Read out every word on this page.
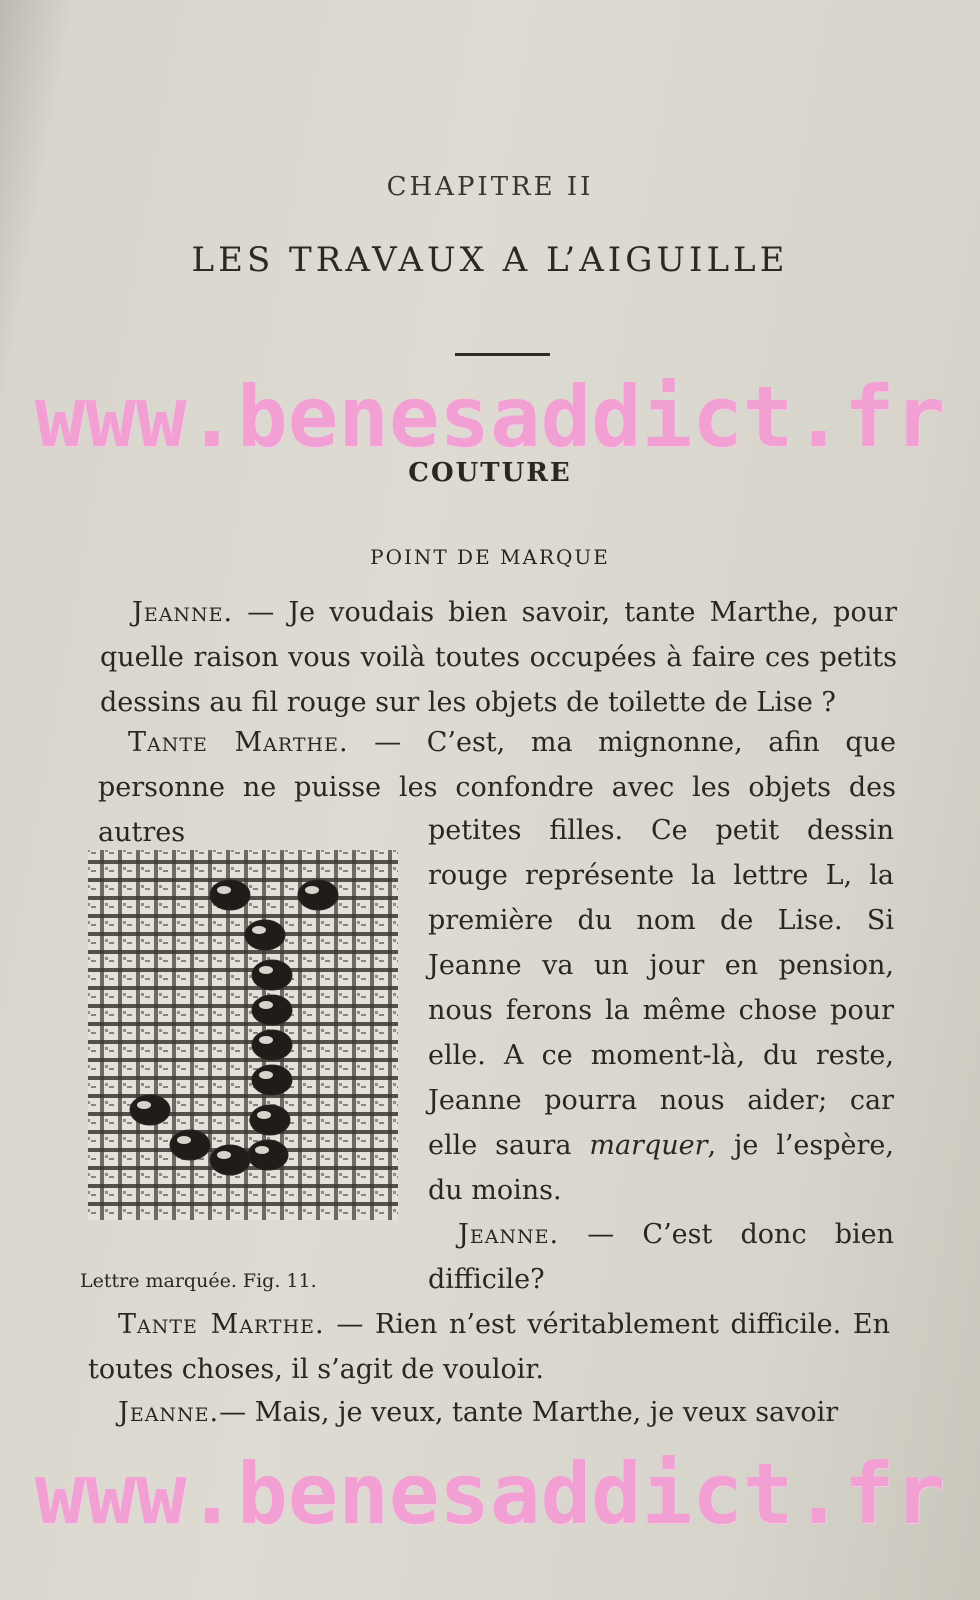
CHAPITRE II
LES TRAVAUX A L’AIGUILLE
COUTURE
POINT DE MARQUE

Jeanne. — Je voudais bien savoir, tante Marthe, pour quelle raison vous voilà toutes occupées à faire ces petits dessins au fil rouge sur les objets de toilette de Lise ?

Tante Marthe. — C’est, ma mignonne, afin que personne ne puisse les confondre avec les objets des autres	petites filles. Ce petit dessin rouge représente la lettre L, la première du nom de Lise. Si Jeanne va un jour en pension, nous ferons la même chose pour elle. A ce moment-là, du reste, Jeanne pourra nous aider; car elle saura marquer, je l’espère, du moins.

Jeanne. — C’est donc bien difficile?

Tante Marthe. — Rien n’est véritablement difficile. En toutes choses, il s’agit de vouloir.

Jeanne.— Mais, je veux, tante Marthe, je veux savoir

Lettre marquée. Fig. 11.
www.benesaddict.fr
www.benesaddict.fr
